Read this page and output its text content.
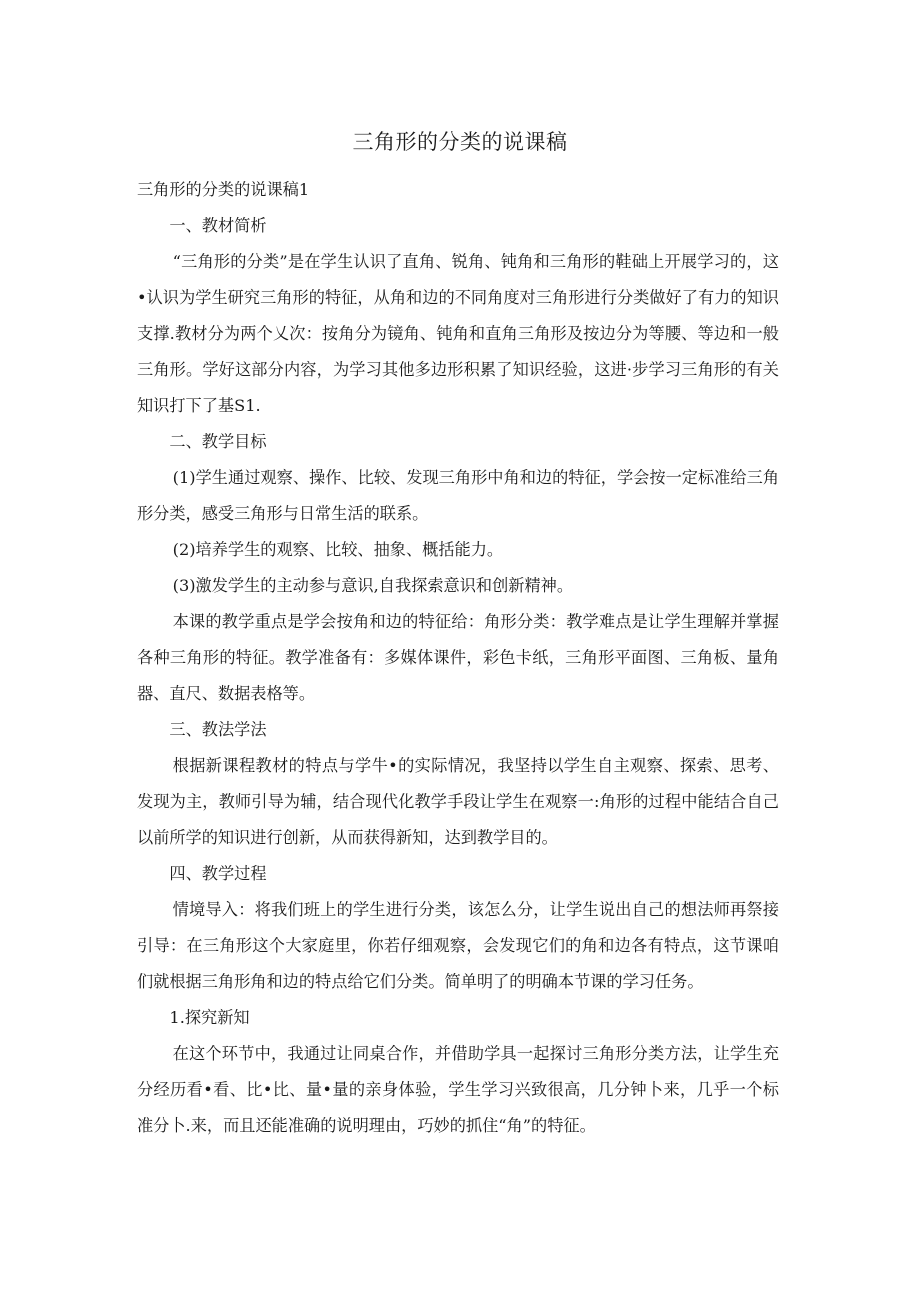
三角形的分类的说课稿

三角形的分类的说课稿1

一、教材简析

“三角形的分类”是在学生认识了直角、锐角、钝角和三角形的鞋础上开展学习的，这•认识为学生研究三角形的特征，从角和边的不同角度对三角形进行分类做好了有力的知识支撑.教材分为两个乂次：按角分为镜角、钝角和直角三角形及按边分为等腰、等边和一般三角形。学好这部分内容，为学习其他多边形积累了知识经验，这进·步学习三角形的有关知识打下了基S1.

二、教学目标

(1)学生通过观察、操作、比较、发现三角形中角和边的特征，学会按一定标准给三角形分类，感受三角形与日常生活的联系。

(2)培养学生的观察、比较、抽象、概括能力。

(3)激发学生的主动参与意识,自我探索意识和创新精神。

本课的教学重点是学会按角和边的特征给：角形分类：教学难点是让学生理解并掌握各种三角形的特征。教学准备有：多媒体课件，彩色卡纸，三角形平面图、三角板、量角器、直尺、数据表格等。

三、教法学法

根据新课程教材的特点与学牛•的实际情况，我坚持以学生自主观察、探索、思考、发现为主，教师引导为辅，结合现代化教学手段让学生在观察一:角形的过程中能结合自己以前所学的知识进行创新，从而获得新知，达到教学目的。

四、教学过程

情境导入：将我们班上的学生进行分类，该怎么分，让学生说出自己的想法师再祭接引导：在三角形这个大家庭里，你若仔细观察，会发现它们的角和边各有特点，这节课咱们就根据三角形角和边的特点给它们分类。简单明了的明确本节课的学习任务。

1.探究新知

在这个环节中，我通过让同桌合作，并借助学具一起探讨三角形分类方法，让学生充分经历看•看、比•比、量•量的亲身体验，学生学习兴致很高，几分钟卜来，几乎一个标准分卜.来，而且还能准确的说明理由，巧妙的抓住“角”的特征。
